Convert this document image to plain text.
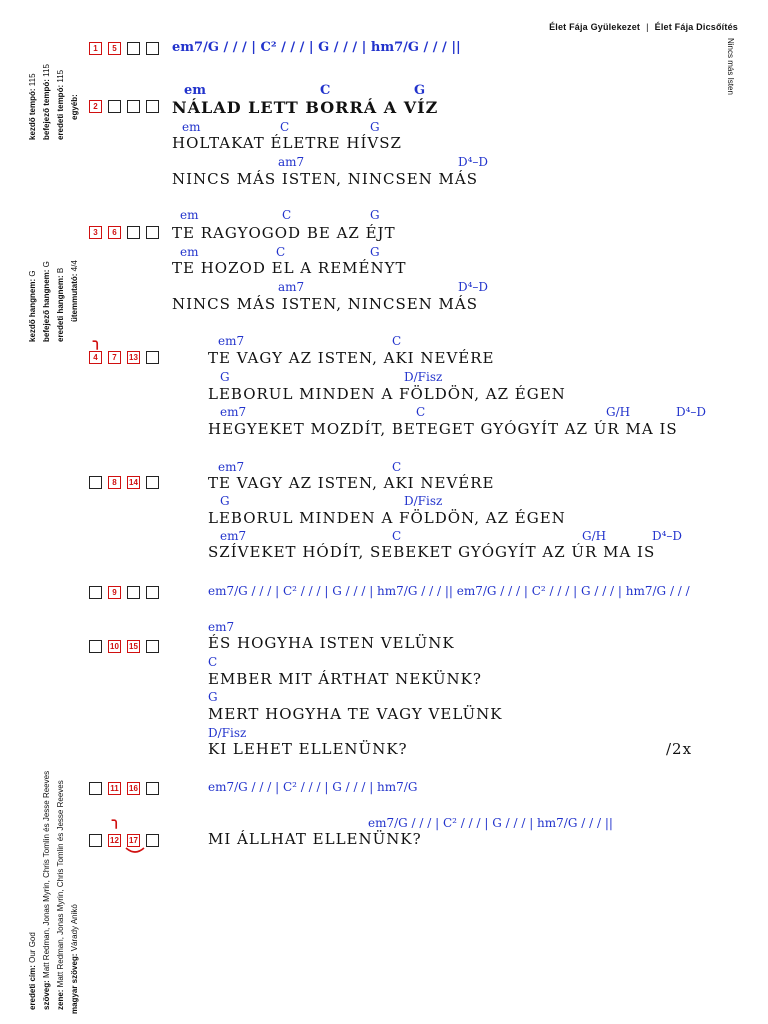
Élet Fája Gyülekezet | Élet Fája Dicsőítés
Nincs más Isten
kezdő tempó: 115 befejező tempó: 115
eredeti tempó: 115
egyéb:
kezdő hangnem: G befejező hangnem: G
eredeti hangnem: B
ütemmutató: 4/4
eredeti cím: Our God
szöveg: Matt Redman, Jonas Myrin, Chris Tomlin és Jesse Reeves
zene: Matt Redman, Jonas Myrin, Chris Tomlin és Jesse Reeves magyar szöveg: Várady Anikó
1	5
2
3	6
4	7	13
8	14
9
10 15
11 16
12 17
em7/G / / / | C² / / / | G / / / | hm7/G / / / ||
em	C	G
NÁLAD LETT BORRÁ A VÍZ
em	C	G
HOLTAKAT ÉLETRE HÍVSZ
am7	D⁴–D
NINCS MÁS ISTEN, NINCSEN MÁS
em	C	G
TE RAGYOGOD BE AZ ÉJT
em	C	G
TE HOZOD EL A REMÉNYT
am7	D⁴–D
NINCS MÁS ISTEN, NINCSEN MÁS
em7	C
TE VAGY AZ ISTEN, AKI NEVÉRE
G	D/Fisz
LEBORUL MINDEN A FÖLDÖN, AZ ÉGEN
em7	C	G/H	D⁴–D
HEGYEKET MOZDÍT, BETEGET GYÓGYÍT AZ ÚR MA IS
em7	C
TE VAGY AZ ISTEN, AKI NEVÉRE
G	D/Fisz
LEBORUL MINDEN A FÖLDÖN, AZ ÉGEN
em7	C	G/H	D⁴–D
SZÍVEKET HÓDÍT, SEBEKET GYÓGYÍT AZ ÚR MA IS
em7/G / / / | C² / / / | G / / / | hm7/G / / / || em7/G / / / | C² / / / | G / / / | hm7/G / / /
em7
ÉS HOGYHA ISTEN VELÜNK
C
EMBER MIT ÁRTHAT NEKÜNK?
G
MERT HOGYHA TE VAGY VELÜNK
D/Fisz
KI LEHET ELLENÜNK?	/2x
em7/G / / / | C² / / / | G / / / | hm7/G
em7/G / / / | C² / / / | G / / / | hm7/G / / / ||
MI ÁLLHAT ELLENÜNK?
╮
╮
